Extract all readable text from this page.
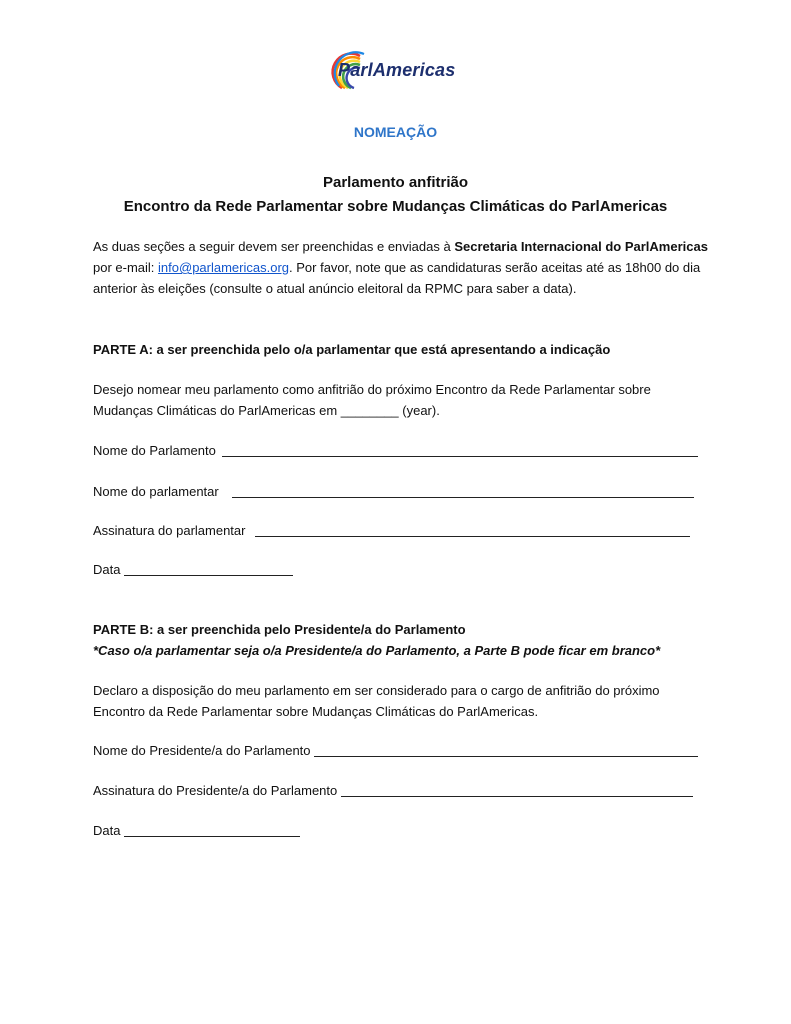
ParlAmericas
NOMEAÇÃO
Parlamento anfitrião
Encontro da Rede Parlamentar sobre Mudanças Climáticas do ParlAmericas
As duas seções a seguir devem ser preenchidas e enviadas à Secretaria Internacional do ParlAmericas
por e-mail: info@parlamericas.org. Por favor, note que as candidaturas serão aceitas até as 18h00 do dia
anterior às eleições (consulte o atual anúncio eleitoral da RPMC para saber a data).
PARTE A: a ser preenchida pelo o/a parlamentar que está apresentando a indicação
Desejo nomear meu parlamento como anfitrião do próximo Encontro da Rede Parlamentar sobre
Mudanças Climáticas do ParlAmericas em ________ (year).
Nome do Parlamento
Nome do parlamentar
Assinatura do parlamentar
Data
PARTE B: a ser preenchida pelo Presidente/a do Parlamento
*Caso o/a parlamentar seja o/a Presidente/a do Parlamento, a Parte B pode ficar em branco*
Declaro a disposição do meu parlamento em ser considerado para o cargo de anfitrião do próximo
Encontro da Rede Parlamentar sobre Mudanças Climáticas do ParlAmericas.
Nome do Presidente/a do Parlamento
Assinatura do Presidente/a do Parlamento
Data
